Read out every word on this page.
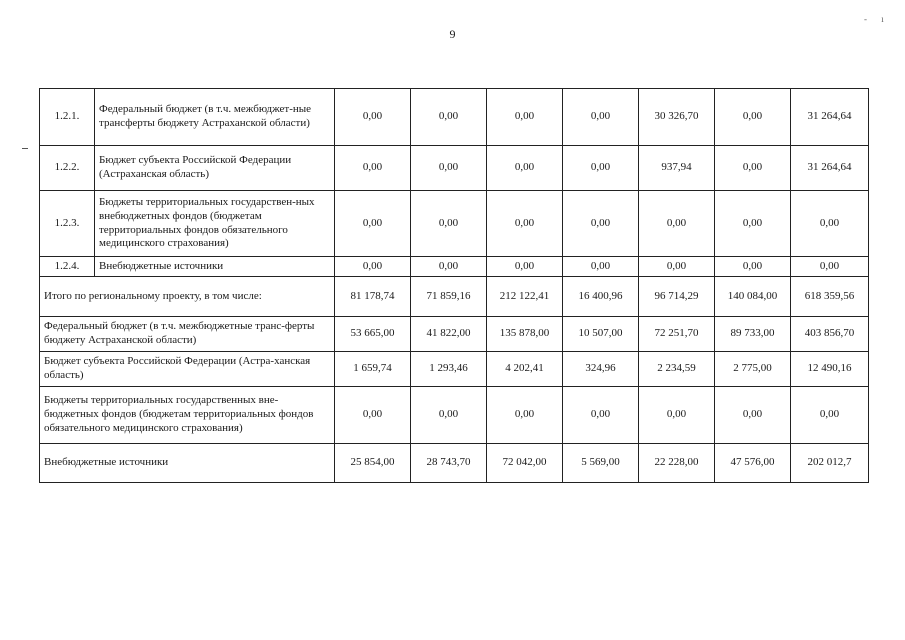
9
- ı
1.2.1.	Федеральный бюджет (в т.ч. межбюджет-ные трансферты бюджету Астраханской области)	0,00	0,00	0,00	0,00	30 326,70	0,00	31 264,64
1.2.2.	Бюджет субъекта Российской Федерации (Астраханская область)	0,00	0,00	0,00	0,00	937,94	0,00	31 264,64
1.2.3.	Бюджеты территориальных государствен-ных внебюджетных фондов (бюджетам территориальных фондов обязательного медицинского страхования)	0,00	0,00	0,00	0,00	0,00	0,00	0,00
1.2.4.	Внебюджетные источники	0,00	0,00	0,00	0,00	0,00	0,00	0,00
Итого по региональному проекту, в том числе:		81 178,74	71 859,16	212 122,41	16 400,96	96 714,29	140 084,00	618 359,56
Федеральный бюджет (в т.ч. межбюджетные транс-ферты бюджету Астраханской области)		53 665,00	41 822,00	135 878,00	10 507,00	72 251,70	89 733,00	403 856,70
Бюджет субъекта Российской Федерации (Астра-ханская область)		1 659,74	1 293,46	4 202,41	324,96	2 234,59	2 775,00	12 490,16
Бюджеты территориальных государственных вне-бюджетных фондов (бюджетам территориальных фондов обязательного медицинского страхования)		0,00	0,00	0,00	0,00	0,00	0,00	0,00
Внебюджетные источники		25 854,00	28 743,70	72 042,00	5 569,00	22 228,00	47 576,00	202 012,7
